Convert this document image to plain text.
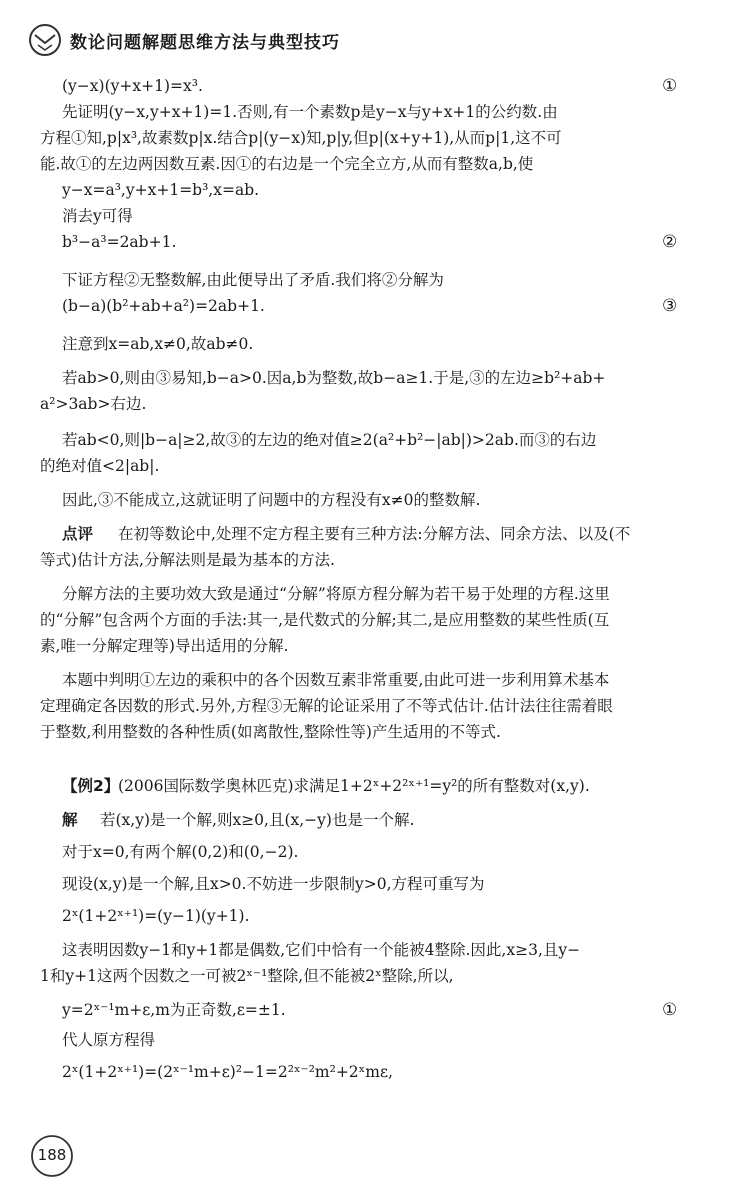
数论问题解题思维方法与典型技巧
(y−x)(y+x+1)=x³.
先证明(y−x,y+x+1)=1.否则,有一个素数p是y−x与y+x+1的公约数.由
方程①知,p|x³,故素数p|x.结合p|(y−x)知,p|y,但p|(x+y+1),从而p|1,这不可
能.故①的左边两因数互素.因①的右边是一个完全立方,从而有整数a,b,使
y−x=a³,y+x+1=b³,x=ab.
消去y可得
b³−a³=2ab+1.
下证方程②无整数解,由此便导出了矛盾.我们将②分解为
(b−a)(b²+ab+a²)=2ab+1.
注意到x=ab,x≠0,故ab≠0.
若ab>0,则由③易知,b−a>0.因a,b为整数,故b−a≥1.于是,③的左边≥b²+ab+
a²>3ab>右边.
若ab<0,则|b−a|≥2,故③的左边的绝对值≥2(a²+b²−|ab|)>2ab.而③的右边
的绝对值<2|ab|.
因此,③不能成立,这就证明了问题中的方程没有x≠0的整数解.
点评 在初等数论中,处理不定方程主要有三种方法:分解方法、同余方法、以及(不
等式)估计方法,分解法则是最为基本的方法.
分解方法的主要功效大致是通过“分解”将原方程分解为若干易于处理的方程.这里
的“分解”包含两个方面的手法:其一,是代数式的分解;其二,是应用整数的某些性质(互
素,唯一分解定理等)导出适用的分解.
本题中判明①左边的乘积中的各个因数互素非常重要,由此可进一步利用算术基本
定理确定各因数的形式.另外,方程③无解的论证采用了不等式估计.估计法往往需着眼
于整数,利用整数的各种性质(如离散性,整除性等)产生适用的不等式.
【例2】
(2006国际数学奥林匹克)求满足1+2ˣ+2²ˣ⁺¹=y²的所有整数对(x,y).
解 若(x,y)是一个解,则x≥0,且(x,−y)也是一个解.
对于x=0,有两个解(0,2)和(0,−2).
现设(x,y)是一个解,且x>0.不妨进一步限制y>0,方程可重写为
2ˣ(1+2ˣ⁺¹)=(y−1)(y+1).
这表明因数y−1和y+1都是偶数,它们中恰有一个能被4整除.因此,x≥3,且y−
1和y+1这两个因数之一可被2ˣ⁻¹整除,但不能被2ˣ整除,所以,
y=2ˣ⁻¹m+ε,m为正奇数,ε=±1.
代人原方程得
2ˣ(1+2ˣ⁺¹)=(2ˣ⁻¹m+ε)²−1=2²ˣ⁻²m²+2ˣmε,
①
②
③
①
188
